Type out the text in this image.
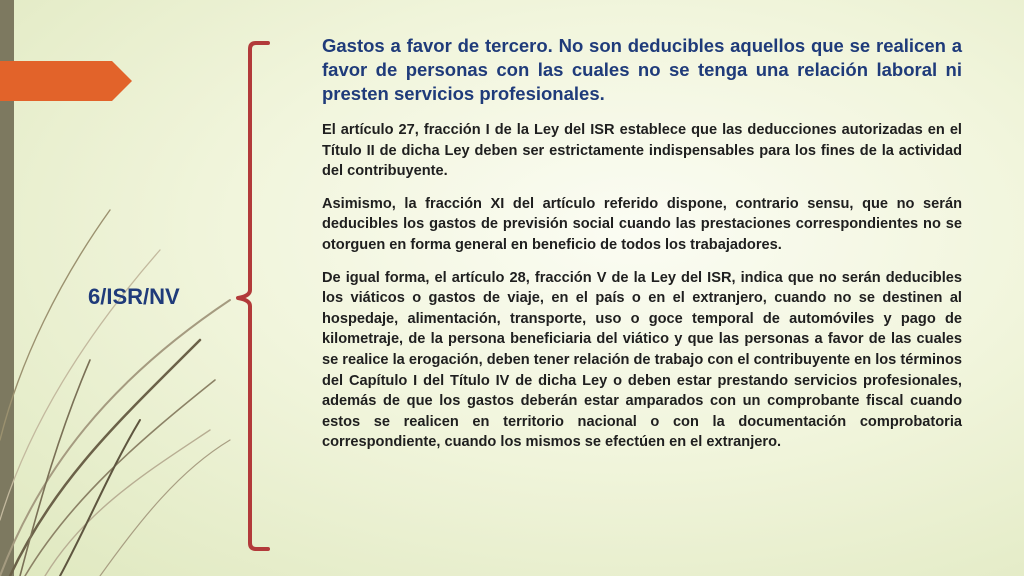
6/ISR/NV

Gastos a favor de tercero. No son deducibles aquellos que se realicen a favor de personas con las cuales no se tenga una relación laboral ni presten servicios profesionales.

El artículo 27, fracción I de la Ley del ISR establece que las deducciones autorizadas en el Título II de dicha Ley deben ser estrictamente indispensables para los fines de la actividad del contribuyente.

Asimismo, la fracción XI del artículo referido dispone, contrario sensu, que no serán deducibles los gastos de previsión social cuando las prestaciones correspondientes no se otorguen en forma general en beneficio de todos los trabajadores.

De igual forma, el artículo 28, fracción V de la Ley del ISR, indica que no serán deducibles los viáticos o gastos de viaje, en el país o en el extranjero, cuando no se destinen al hospedaje, alimentación, transporte, uso o goce temporal de automóviles y pago de kilometraje, de la persona beneficiaria del viático y que las personas a favor de las cuales se realice la erogación, deben tener relación de trabajo con el contribuyente en los términos del Capítulo I del Título IV de dicha Ley o deben estar prestando servicios profesionales, además de que los gastos deberán estar amparados con un comprobante fiscal cuando estos se realicen en territorio nacional o con la documentación comprobatoria correspondiente, cuando los mismos se efectúen en el extranjero.
